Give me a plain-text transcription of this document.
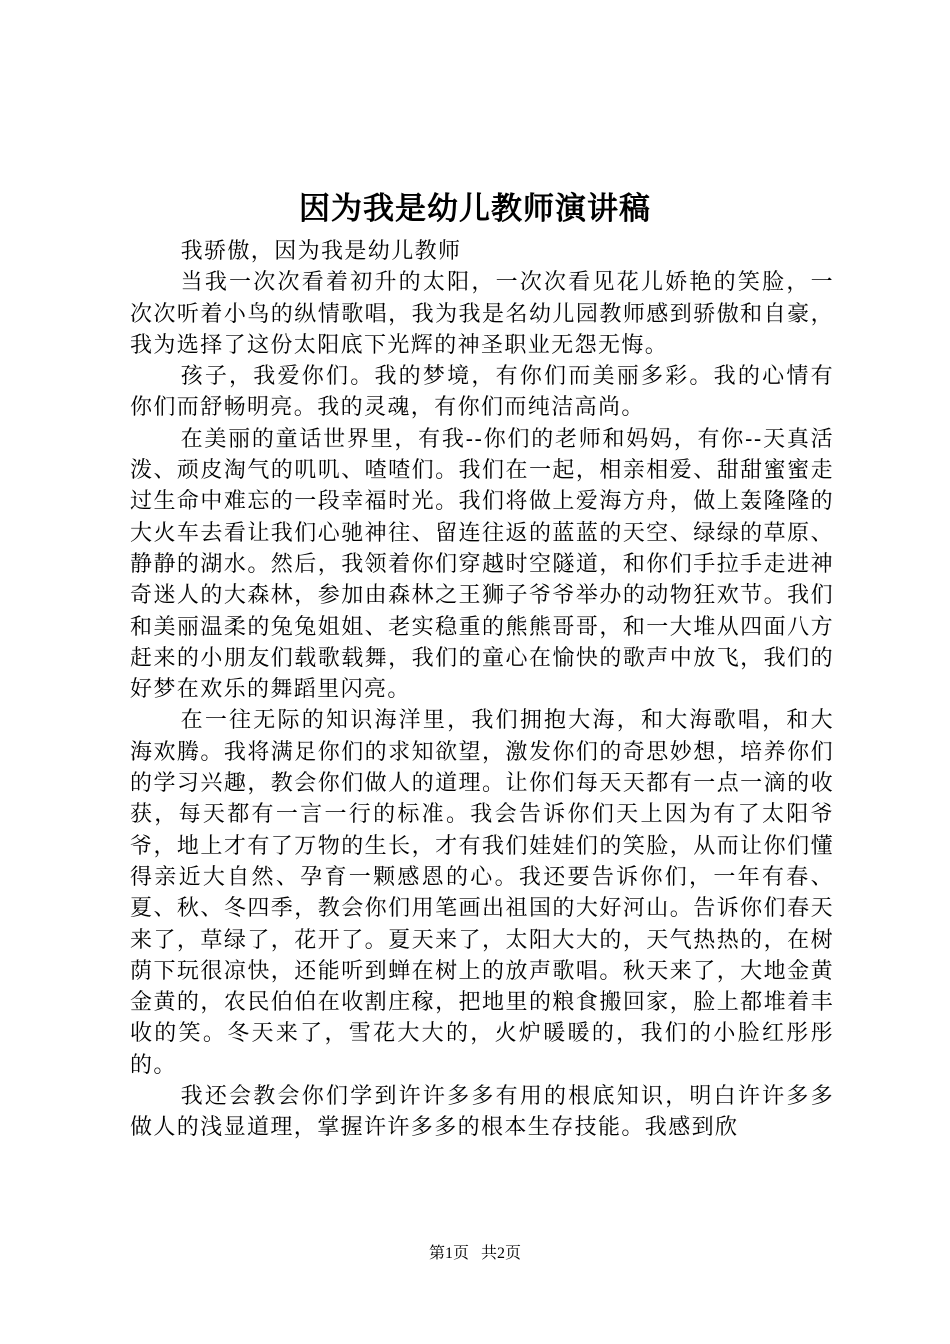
因为我是幼儿教师演讲稿

我骄傲，因为我是幼儿教师

当我一次次看着初升的太阳，一次次看见花儿娇艳的笑脸，一次次听着小鸟的纵情歌唱，我为我是名幼儿园教师感到骄傲和自豪，我为选择了这份太阳底下光辉的神圣职业无怨无悔。

孩子，我爱你们。我的梦境，有你们而美丽多彩。我的心情有你们而舒畅明亮。我的灵魂，有你们而纯洁高尚。

在美丽的童话世界里，有我--你们的老师和妈妈，有你--天真活泼、顽皮淘气的叽叽、喳喳们。我们在一起，相亲相爱、甜甜蜜蜜走过生命中难忘的一段幸福时光。我们将做上爱海方舟，做上轰隆隆的大火车去看让我们心驰神往、留连往返的蓝蓝的天空、绿绿的草原、静静的湖水。然后，我领着你们穿越时空隧道，和你们手拉手走进神奇迷人的大森林，参加由森林之王狮子爷爷举办的动物狂欢节。我们和美丽温柔的兔兔姐姐、老实稳重的熊熊哥哥，和一大堆从四面八方赶来的小朋友们载歌载舞，我们的童心在愉快的歌声中放飞，我们的好梦在欢乐的舞蹈里闪亮。

在一往无际的知识海洋里，我们拥抱大海，和大海歌唱，和大海欢腾。我将满足你们的求知欲望，激发你们的奇思妙想，培养你们的学习兴趣，教会你们做人的道理。让你们每天天都有一点一滴的收获，每天都有一言一行的标准。我会告诉你们天上因为有了太阳爷爷，地上才有了万物的生长，才有我们娃娃们的笑脸，从而让你们懂得亲近大自然、孕育一颗感恩的心。我还要告诉你们，一年有春、夏、秋、冬四季，教会你们用笔画出祖国的大好河山。告诉你们春天来了，草绿了，花开了。夏天来了，太阳大大的，天气热热的，在树荫下玩很凉快，还能听到蝉在树上的放声歌唱。秋天来了，大地金黄金黄的，农民伯伯在收割庄稼，把地里的粮食搬回家，脸上都堆着丰收的笑。冬天来了，雪花大大的，火炉暖暖的，我们的小脸红彤彤的。

我还会教会你们学到许许多多有用的根底知识，明白许许多多做人的浅显道理，掌握许许多多的根本生存技能。我感到欣

第1页 共2页
